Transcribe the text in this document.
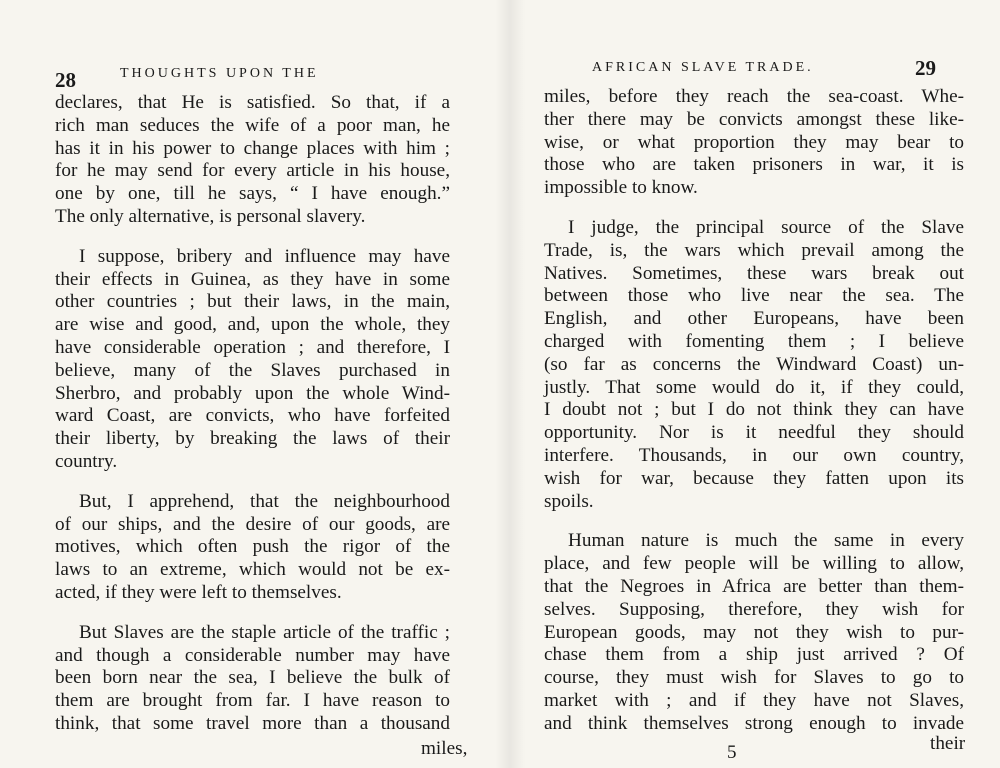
28	THOUGHTS UPON THE

declares, that He is satisfied. So that, if a
rich man seduces the wife of a poor man, he
has it in his power to change places with him ;
for he may send for every article in his house,
one by one, till he says, “ I have enough.”
The only alternative, is personal slavery.

I suppose, bribery and influence may have
their effects in Guinea, as they have in some
other countries ; but their laws, in the main,
are wise and good, and, upon the whole, they
have considerable operation ; and therefore, I
believe, many of the Slaves purchased in
Sherbro, and probably upon the whole Wind-
ward Coast, are convicts, who have forfeited
their liberty, by breaking the laws of their
country.

But, I apprehend, that the neighbourhood
of our ships, and the desire of our goods, are
motives, which often push the rigor of the
laws to an extreme, which would not be ex-
acted, if they were left to themselves.

But Slaves are the staple article of the traffic ;
and though a considerable number may have
been born near the sea, I believe the bulk of
them are brought from far. I have reason to
think, that some travel more than a thousand

miles,
AFRICAN SLAVE TRADE.	29

miles, before they reach the sea-coast. Whe-
ther there may be convicts amongst these like-
wise, or what proportion they may bear to
those who are taken prisoners in war, it is
impossible to know.

I judge, the principal source of the Slave
Trade, is, the wars which prevail among the
Natives. Sometimes, these wars break out
between those who live near the sea. The
English, and other Europeans, have been
charged with fomenting them ; I believe
(so far as concerns the Windward Coast) un-
justly. That some would do it, if they could,
I doubt not ; but I do not think they can have
opportunity. Nor is it needful they should
interfere. Thousands, in our own country,
wish for war, because they fatten upon its
spoils.

Human nature is much the same in every
place, and few people will be willing to allow,
that the Negroes in Africa are better than them-
selves. Supposing, therefore, they wish for
European goods, may not they wish to pur-
chase them from a ship just arrived ? Of
course, they must wish for Slaves to go to
market with ; and if they have not Slaves,
and think themselves strong enough to invade

5	their
